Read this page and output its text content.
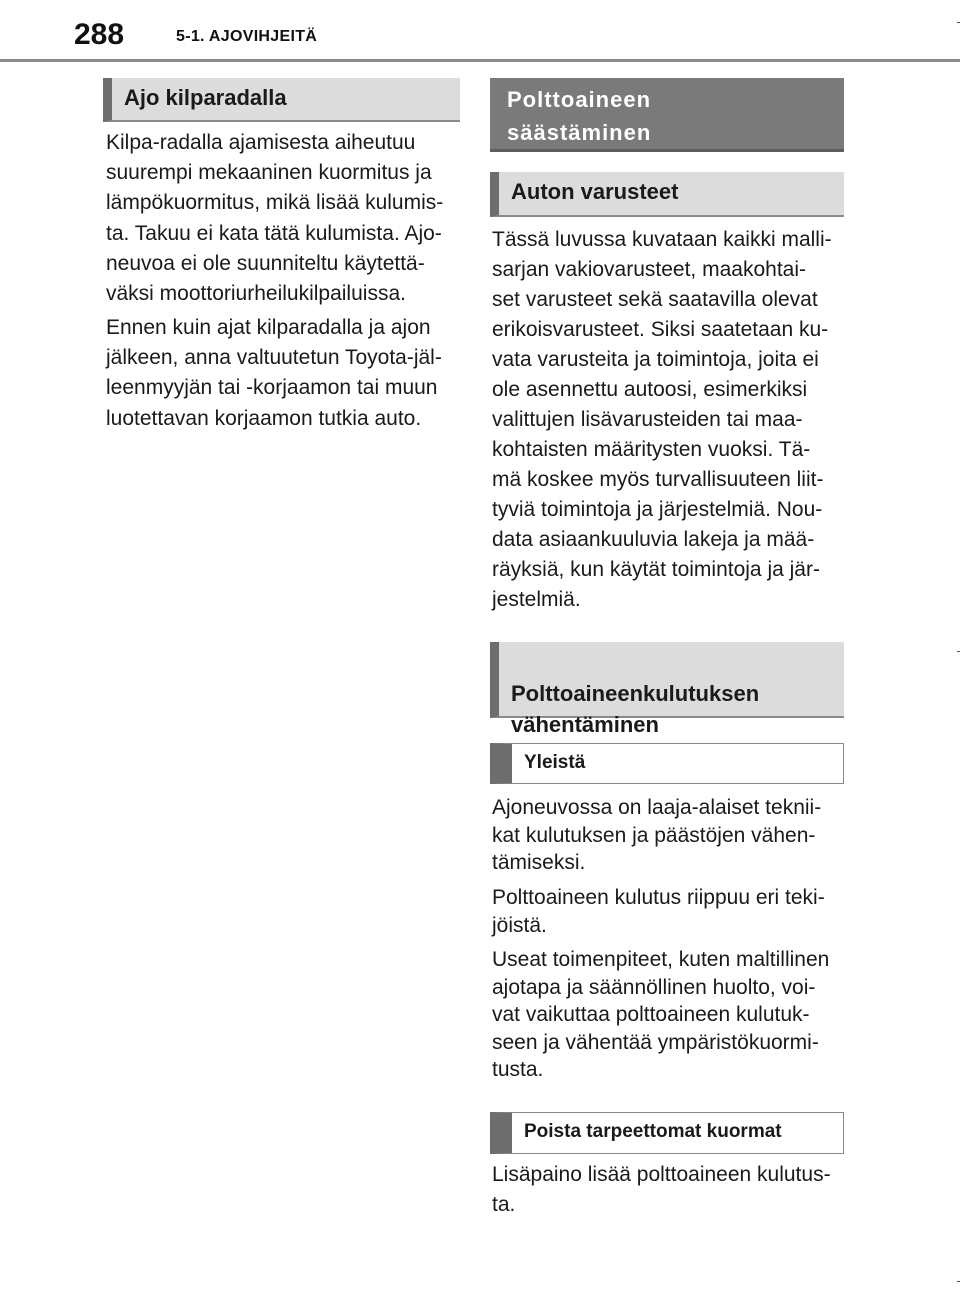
288	5-1. AJOVIHJEITÄ
Ajo kilparadalla

Kilpa-radalla ajamisesta aiheutuu
suurempi mekaaninen kuormitus ja
lämpökuormitus, mikä lisää kulumis-
ta. Takuu ei kata tätä kulumista. Ajo-
neuvoa ei ole suunniteltu käytettä-
väksi moottoriurheilukilpailuissa.

Ennen kuin ajat kilparadalla ja ajon
jälkeen, anna valtuutetun Toyota-jäl-
leenmyyjän tai -korjaamon tai muun
luotettavan korjaamon tutkia auto.

Polttoaineen
säästäminen
Auton varusteet

Tässä luvussa kuvataan kaikki malli-
sarjan vakiovarusteet, maakohtai-
set varusteet sekä saatavilla olevat
erikoisvarusteet. Siksi saatetaan ku-
vata varusteita ja toimintoja, joita ei
ole asennettu autoosi, esimerkiksi
valittujen lisävarusteiden tai maa-
kohtaisten määritysten vuoksi. Tä-
mä koskee myös turvallisuuteen liit-
tyviä toimintoja ja järjestelmiä. Nou-
data asiaankuuluvia lakeja ja mää-
räyksiä, kun käytät toimintoja ja jär-
jestelmiä.

Polttoaineenkulutuksen
vähentäminen

Yleistä

Ajoneuvossa on laaja-alaiset teknii-
kat kulutuksen ja päästöjen vähen-
tämiseksi.

Polttoaineen kulutus riippuu eri teki-
jöistä.

Useat toimenpiteet, kuten maltillinen
ajotapa ja säännöllinen huolto, voi-
vat vaikuttaa polttoaineen kulutuk-
seen ja vähentää ympäristökuormi-
tusta.

Poista tarpeettomat kuormat

Lisäpaino lisää polttoaineen kulutus-
ta.
